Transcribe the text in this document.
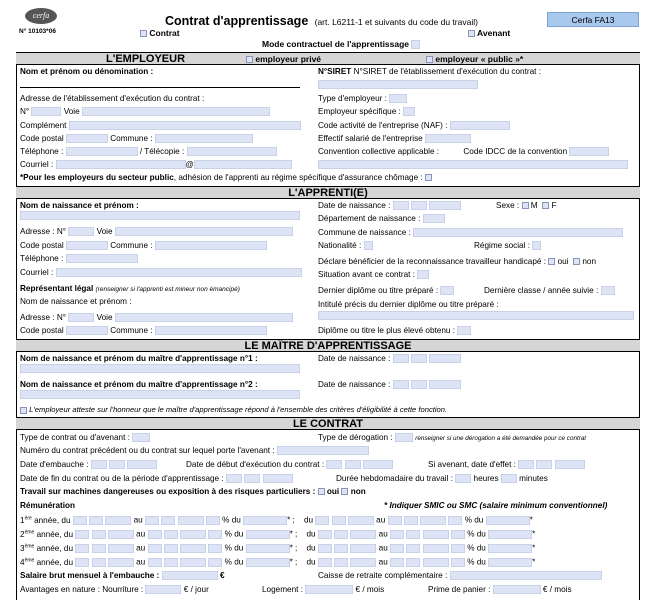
cerfa
N° 10103*06
Contrat d'apprentissage (art. L6211-1 et suivants du code du travail)
Contrat	Avenant
Cerfa FA13
Mode contractuel de l'apprentissage
L'EMPLOYEUR	employeur privé	employeur « public »*
Nom et prénom ou dénomination :	N°SIRET N°SIRET de l'établissement d'exécution du contrat :
Adresse de l'établissement d'exécution du contrat :	Type d'employeur :
N°	Voie	Employeur spécifique :
Complément	Code activité de l'entreprise (NAF) :
Code postal	Commune :	Effectif salarié de l'entreprise
Téléphone :	/ Télécopie :	Convention collective applicable :	Code IDCC de la convention
Courriel :	@
*Pour les employeurs du secteur public, adhésion de l'apprenti au régime spécifique d'assurance chômage :
L'APPRENTI(E)
Nom de naissance et prénom :	Date de naissance :	Sexe : M F
Département de naissance :
Adresse : N°	Voie	Commune de naissance :
Code postal	Commune :	Nationalité :	Régime social :
Téléphone :	Déclare bénéficier de la reconnaissance travailleur handicapé : oui non
Courriel :	Situation avant ce contrat :
Représentant légal (renseigner si l'apprenti est mineur non émancipé)	Dernier diplôme ou titre préparé :	Dernière classe / année suivie :
Nom de naissance et prénom :	Intitulé précis du dernier diplôme ou titre préparé :
Adresse : N°	Voie
Code postal	Commune :	Diplôme ou titre le plus élevé obtenu :
LE MAÎTRE D'APPRENTISSAGE
Nom de naissance et prénom du maître d'apprentissage n°1 :	Date de naissance :
Nom de naissance et prénom du maître d'apprentissage n°2 :	Date de naissance :
L'employeur atteste sur l'honneur que le maître d'apprentissage répond à l'ensemble des critères d'éligibilité à cette fonction.
LE CONTRAT
Type de contrat ou d'avenant :	Type de dérogation :	renseigner si une dérogation a été demandée pour ce contrat
Numéro du contrat précédent ou du contrat sur lequel porte l'avenant :
Date d'embauche :	Date de début d'exécution du contrat :	Si avenant, date d'effet :
Date de fin du contrat ou de la période d'apprentissage :	Durée hebdomadaire du travail :	heures	minutes
Travail sur machines dangereuses ou exposition à des risques particuliers : oui non
Rémunération	* Indiquer SMIC ou SMC (salaire minimum conventionnel)
1ère année, du	au	% du	* ;    du	au	% du	*
2ème année, du	au	% du	* ;    du	au	% du	*
3ème année, du	au	% du	* ;    du	au	% du	*
4ème année, du	au	% du	* ;    du	au	% du	*
Salaire brut mensuel à l'embauche :	€	Caisse de retraite complémentaire :
Avantages en nature : Nourriture :	€ / jour	Logement :	€ / mois	Prime de panier :	€ / mois
